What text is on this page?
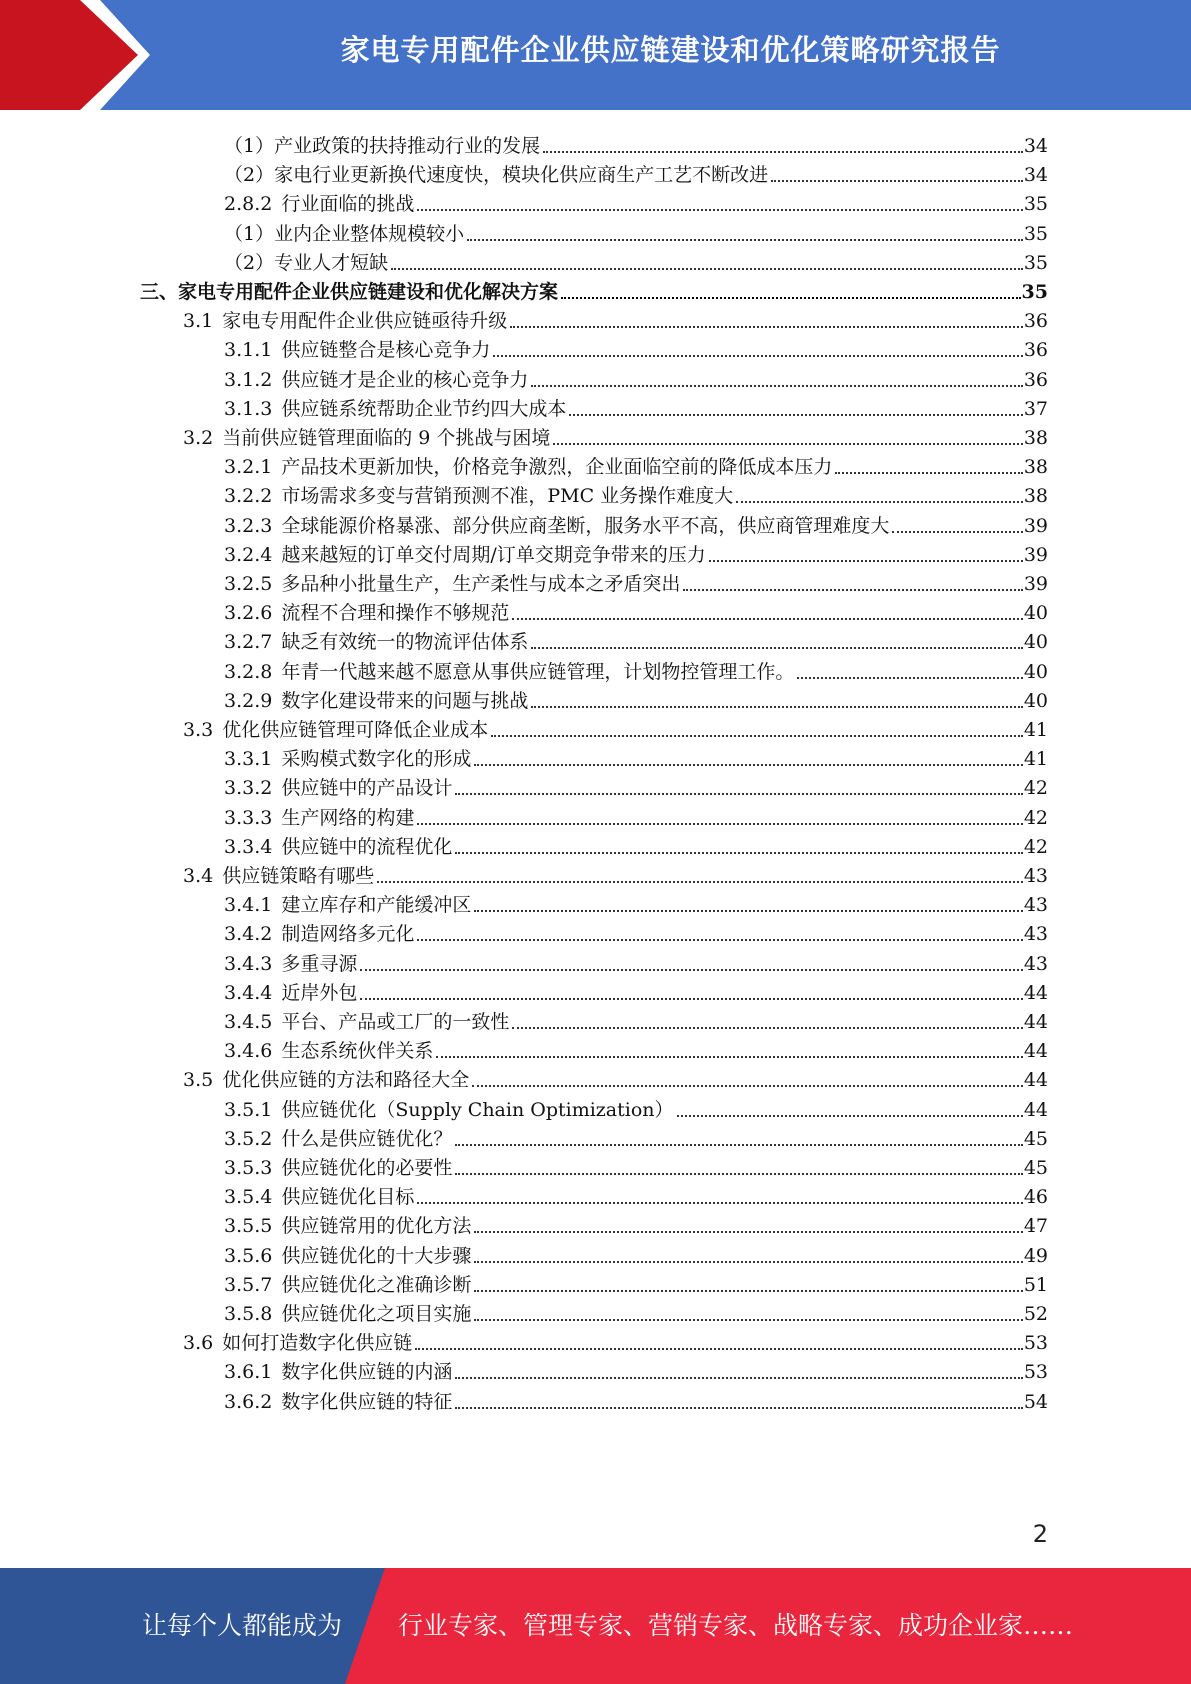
家电专用配件企业供应链建设和优化策略研究报告
（1）产业政策的扶持推动行业的发展	34
（2）家电行业更新换代速度快，模块化供应商生产工艺不断改进	34
2.8.2 行业面临的挑战	35
（1）业内企业整体规模较小	35
（2）专业人才短缺	35
三、家电专用配件企业供应链建设和优化解决方案	35
3.1 家电专用配件企业供应链亟待升级	36
3.1.1 供应链整合是核心竞争力	36
3.1.2 供应链才是企业的核心竞争力	36
3.1.3 供应链系统帮助企业节约四大成本	37
3.2 当前供应链管理面临的 9 个挑战与困境	38
3.2.1 产品技术更新加快，价格竞争激烈，企业面临空前的降低成本压力	38
3.2.2 市场需求多变与营销预测不准，PMC 业务操作难度大	38
3.2.3 全球能源价格暴涨、部分供应商垄断，服务水平不高，供应商管理难度大	39
3.2.4 越来越短的订单交付周期/订单交期竞争带来的压力	39
3.2.5 多品种小批量生产，生产柔性与成本之矛盾突出	39
3.2.6 流程不合理和操作不够规范	40
3.2.7 缺乏有效统一的物流评估体系	40
3.2.8 年青一代越来越不愿意从事供应链管理，计划物控管理工作。	40
3.2.9 数字化建设带来的问题与挑战	40
3.3 优化供应链管理可降低企业成本	41
3.3.1 采购模式数字化的形成	41
3.3.2 供应链中的产品设计	42
3.3.3 生产网络的构建	42
3.3.4 供应链中的流程优化	42
3.4 供应链策略有哪些	43
3.4.1 建立库存和产能缓冲区	43
3.4.2 制造网络多元化	43
3.4.3 多重寻源	43
3.4.4 近岸外包	44
3.4.5 平台、产品或工厂的一致性	44
3.4.6 生态系统伙伴关系	44
3.5 优化供应链的方法和路径大全	44
3.5.1 供应链优化（Supply Chain Optimization）	44
3.5.2 什么是供应链优化？	45
3.5.3 供应链优化的必要性	45
3.5.4 供应链优化目标	46
3.5.5 供应链常用的优化方法	47
3.5.6 供应链优化的十大步骤	49
3.5.7 供应链优化之准确诊断	51
3.5.8 供应链优化之项目实施	52
3.6 如何打造数字化供应链	53
3.6.1 数字化供应链的内涵	53
3.6.2 数字化供应链的特征	54
2
让每个人都能成为 行业专家、管理专家、营销专家、战略专家、成功企业家……
